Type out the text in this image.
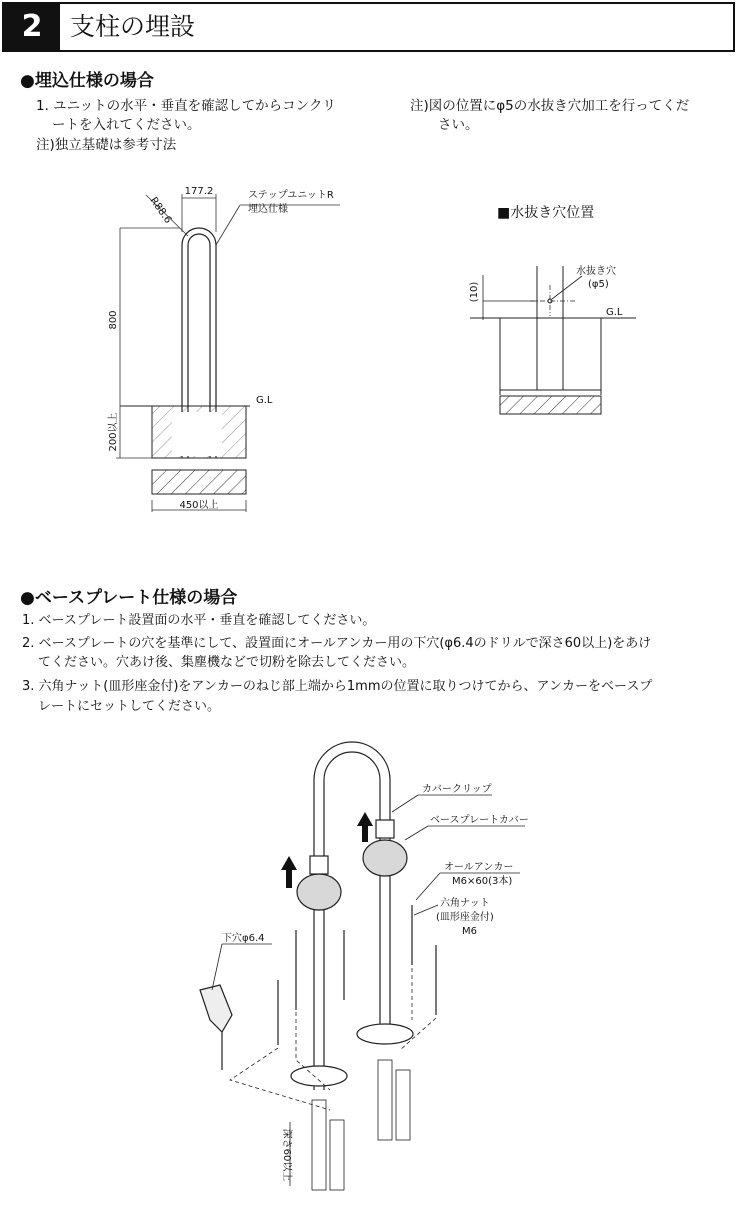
2	支柱の埋設
●埋込仕様の場合
1. ユニットの水平・垂直を確認してからコンクリ
ートを入れてください。
注)独立基礎は参考寸法
注)図の位置にφ5の水抜き穴加工を行ってくだ
さい。
R88.6
177.2	ステップユニットR
埋込仕様
800
G.L
200以上
450以上
(10)
水抜き穴
(φ5)
G.L
カバークリップ
ベースプレートカバー
オールアンカー
M6×60(3本)
六角ナット
(皿形座金付)
M6
下穴φ6.4
深さ60以上
●ベースプレート仕様の場合
1. ベースプレート設置面の水平・垂直を確認してください。
2. ベースプレートの穴を基準にして、設置面にオールアンカー用の下穴(φ6.4のドリルで深さ60以上)をあけ
てください。穴あけ後、集塵機などで切粉を除去してください。
3. 六角ナット(皿形座金付)をアンカーのねじ部上端から1mmの位置に取りつけてから、アンカーをベースプ
レートにセットしてください。
■水抜き穴位置
